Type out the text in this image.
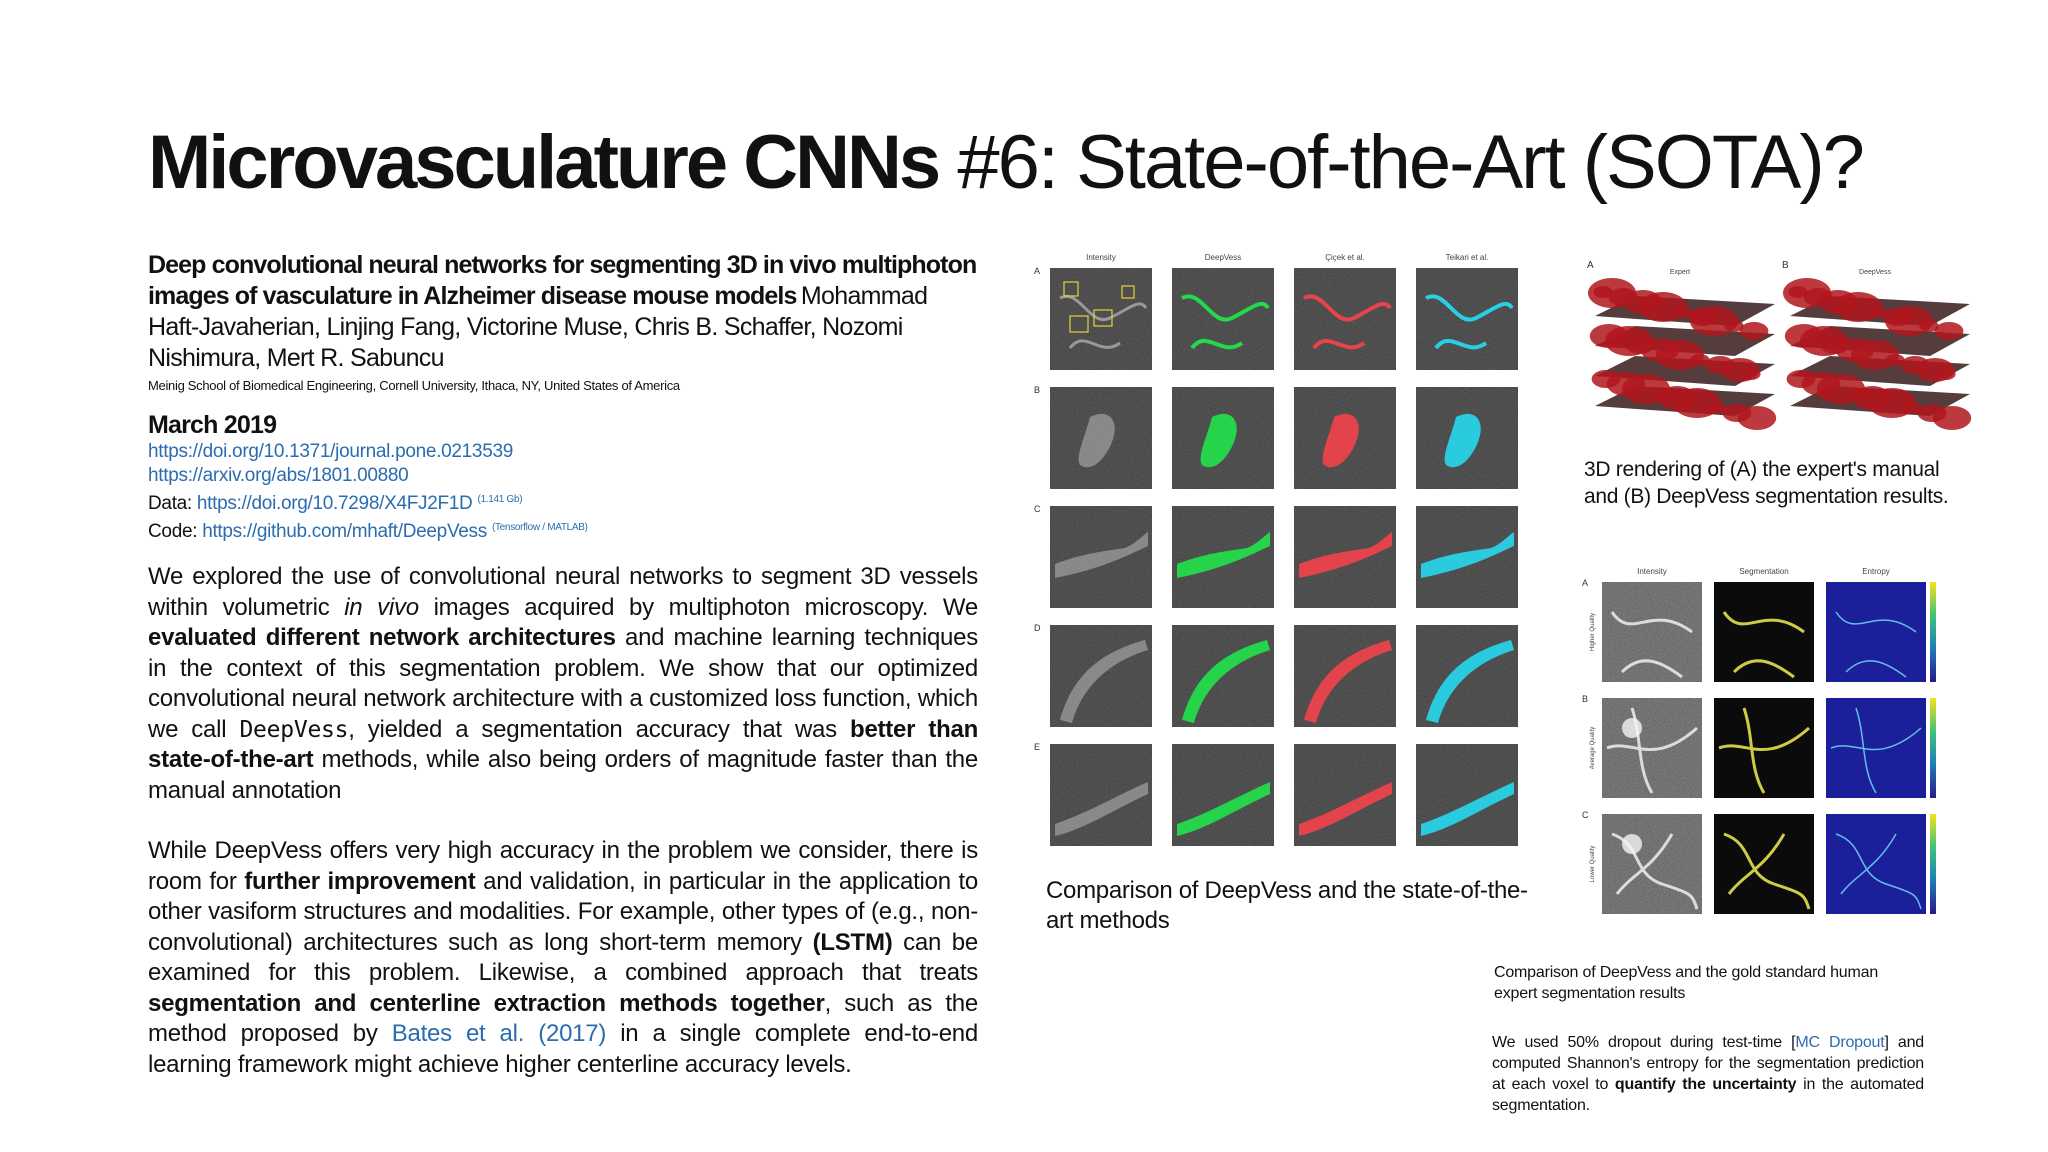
Microvasculature CNNs #6: State-of-the-Art (SOTA)?
Deep convolutional neural networks for segmenting 3D in vivo multiphoton images of vasculature in Alzheimer disease mouse models Mohammad Haft-Javaherian, Linjing Fang, Victorine Muse, Chris B. Schaffer, Nozomi Nishimura, Mert R. Sabuncu
Meinig School of Biomedical Engineering, Cornell University, Ithaca, NY, United States of America
March 2019
https://doi.org/10.1371/journal.pone.0213539
https://arxiv.org/abs/1801.00880
Data: https://doi.org/10.7298/X4FJ2F1D $^{(1.141 Gb)}$
Code: https://github.com/mhaft/DeepVess $^{(Tensorflow / MATLAB)}$
We explored the use of convolutional neural networks to segment 3D vessels within volumetric in vivo images acquired by multiphoton microscopy. We evaluated different network architectures and machine learning techniques in the context of this segmentation problem. We show that our optimized convolutional neural network architecture with a customized loss function, which we call DeepVess, yielded a segmentation accuracy that was better than state-of-the-art methods, while also being orders of magnitude faster than the manual annotation
While DeepVess offers very high accuracy in the problem we consider, there is room for further improvement and validation, in particular in the application to other vasiform structures and modalities. For example, other types of (e.g., non-convolutional) architectures such as long short-term memory (LSTM) can be examined for this problem. Likewise, a combined approach that treats segmentation and centerline extraction methods together, such as the method proposed by Bates et al. (2017) in a single complete end-to-end learning framework might achieve higher centerline accuracy levels.
Intensity	DeepVess	Çiçek et al.	Teikari et al.
A
B
C
D
E
A
Expert
B
DeepVess
Intensity	Segmentation	Entropy
A
Higher Quality
B
Average Quality
C
Lower Quality
Comparison of DeepVess and the state-of-the-art methods
3D rendering of (A) the expert's manual and (B) DeepVess segmentation results.
Comparison of DeepVess and the gold standard human expert segmentation results
We used 50% dropout during test-time [MC Dropout] and computed Shannon's entropy for the segmentation prediction at each voxel to quantify the uncertainty in the automated segmentation.
